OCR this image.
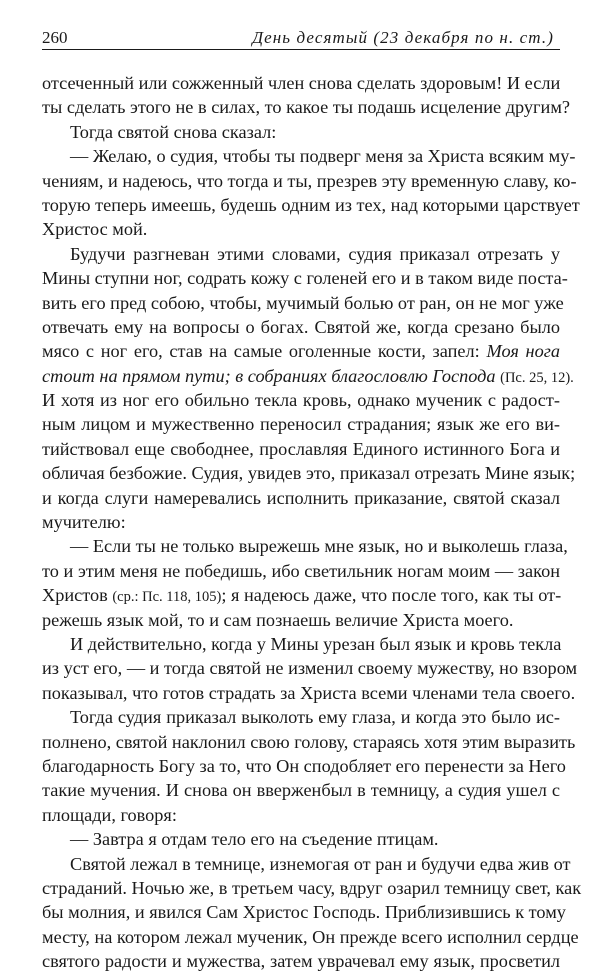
260	День десятый (23 декабря по н. ст.)
отсеченный или сожженный член снова сделать здоровым! И если
ты сделать этого не в силах, то какое ты подашь исцеление другим?
Тогда святой снова сказал:
— Желаю, о судия, чтобы ты подверг меня за Христа всяким му-
чениям, и надеюсь, что тогда и ты, презрев эту временную славу, ко-
торую теперь имеешь, будешь одним из тех, над которыми царствует
Христос мой.
Будучи разгневан этими словами, судия приказал отрезать у
Мины ступни ног, содрать кожу с голеней его и в таком виде поста-
вить его пред собою, чтобы, мучимый болью от ран, он не мог уже
отвечать ему на вопросы о богах. Святой же, когда срезано было
мясо с ног его, став на самые оголенные кости, запел: Моя нога
стоит на прямом пути; в собраниях благословлю Господа (Пс. 25, 12).
И хотя из ног его обильно текла кровь, однако мученик с радост-
ным лицом и мужественно переносил страдания; язык же его ви-
тийствовал еще свободнее, прославляя Единого истинного Бога и
обличая безбожие. Судия, увидев это, приказал отрезать Мине язык;
и когда слуги намеревались исполнить приказание, святой сказал
мучителю:
— Если ты не только вырежешь мне язык, но и выколешь глаза,
то и этим меня не победишь, ибо светильник ногам моим — закон
Христов (ср.: Пс. 118, 105); я надеюсь даже, что после того, как ты от-
режешь язык мой, то и сам познаешь величие Христа моего.
И действительно, когда у Мины урезан был язык и кровь текла
из уст его, — и тогда святой не изменил своему мужеству, но взором
показывал, что готов страдать за Христа всеми членами тела своего.
Тогда судия приказал выколоть ему глаза, и когда это было ис-
полнено, святой наклонил свою голову, стараясь хотя этим выразить
благодарность Богу за то, что Он сподобляет его перенести за Него
такие мучения. И снова он вверженбыл в темницу, а судия ушел с
площади, говоря:
— Завтра я отдам тело его на съедение птицам.
Святой лежал в темнице, изнемогая от ран и будучи едва жив от
страданий. Ночью же, в третьем часу, вдруг озарил темницу свет, как
бы молния, и явился Сам Христос Господь. Приблизившись к тому
месту, на котором лежал мученик, Он прежде всего исполнил сердце
святого радости и мужества, затем уврачевал ему язык, просветил
